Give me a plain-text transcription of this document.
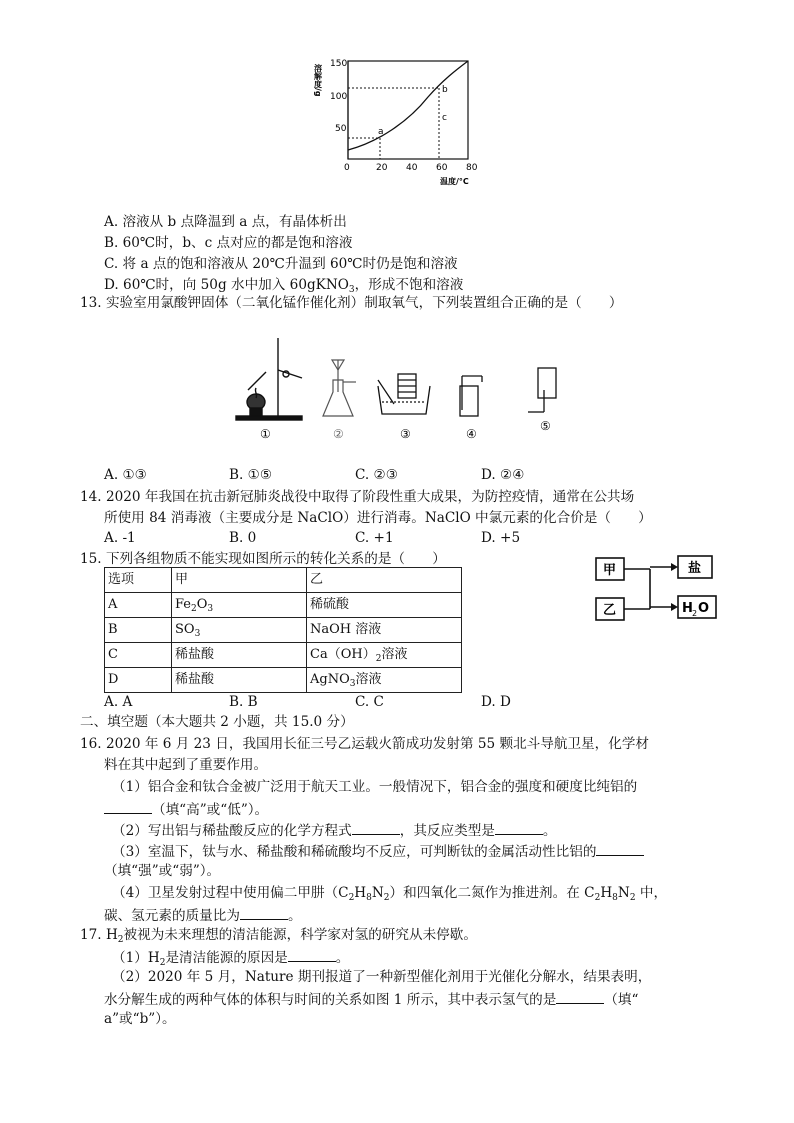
溶解度/g 150
100
50
0	20 40 60 80
温度/°C
a
b
c
A. 溶液从 b 点降温到 a 点，有晶体析出
B. 60℃时，b、c 点对应的都是饱和溶液
C. 将 a 点的饱和溶液从 20℃升温到 60℃时仍是饱和溶液
D. 60℃时，向 50g 水中加入 60gKNO$_3$，形成不饱和溶液
13. 实验室用氯酸钾固体（二氧化锰作催化剂）制取氧气，下列装置组合正确的是（　　）
①	②	③	④
⑤
A. ①③	B. ①⑤	C. ②③	D. ②④
14. 2020 年我国在抗击新冠肺炎战役中取得了阶段性重大成果，为防控疫情，通常在公共场
所使用 84 消毒液（主要成分是 NaClO）进行消毒。NaClO 中氯元素的化合价是（　　）
A. -1	B. 0	C. +1	D. +5
15. 下列各组物质不能实现如图所示的转化关系的是（　　）
选项	甲	乙
A	$Fe_2O_3$	稀硫酸
B	$SO_3$	NaOH 溶液
C	稀盐酸	$Ca(OH)_2$溶液
D	稀盐酸	AgNO$_3$溶液
甲
乙
盐
H 2 O
A. A	B. B	C. C	D. D
二、填空题（本大题共 2 小题，共 15.0 分）
16. 2020 年 6 月 23 日，我国用长征三号乙运载火箭成功发射第 55 颗北斗导航卫星，化学材
料在其中起到了重要作用。
（1）铝合金和钛合金被广泛用于航天工业。一般情况下，铝合金的强度和硬度比纯铝的
（填“高”或“低”）。
（2）写出铝与稀盐酸反应的化学方程式	，其反应类型是	。
（3）室温下，钛与水、稀盐酸和稀硫酸均不反应，可判断钛的金属活动性比铝的
（填“强”或“弱”）。
（4）卫星发射过程中使用偏二甲肼$(C_2H_8N_2)$和四氧化二氮作为推进剂。在 $C_2H_8N_2$ 中，
碳、氢元素的质量比为	。
17. $H_2$被视为未来理想的清洁能源，科学家对氢的研究从未停歇。
$(1)H_2$是清洁能源的原因是	。
（2）2020 年 5 月，Nature 期刊报道了一种新型催化剂用于光催化分解水，结果表明，
水分解生成的两种气体的体积与时间的关系如图 1 所示，其中表示氢气的是	（填“
a”或“b”）。
